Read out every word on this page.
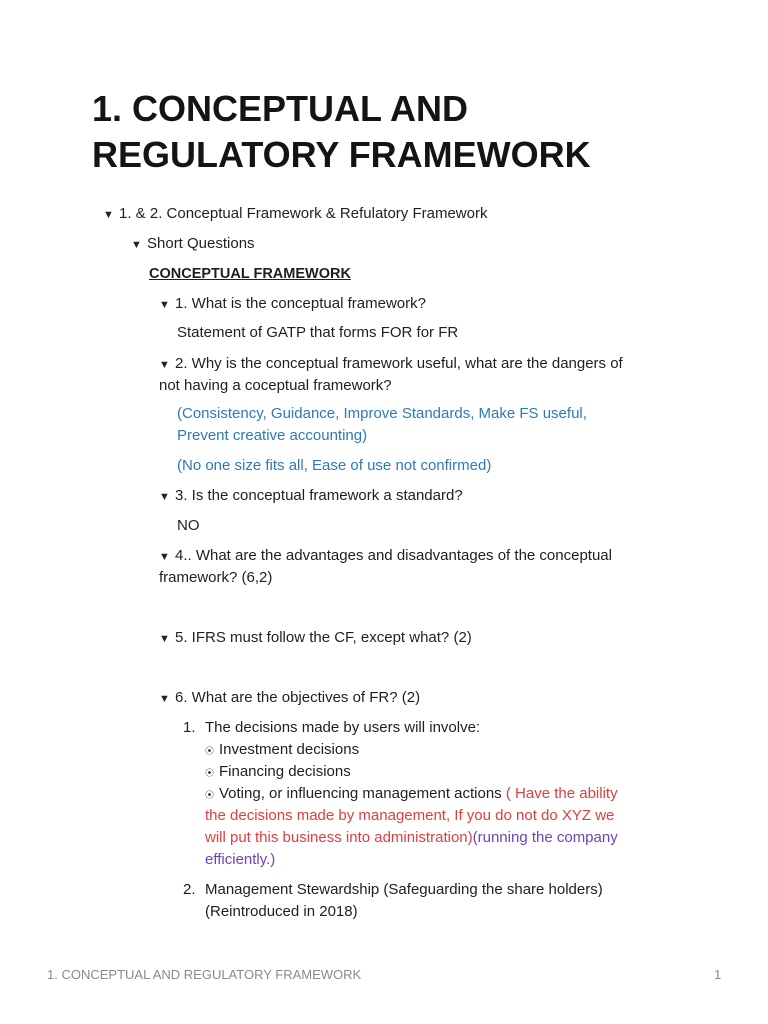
1. CONCEPTUAL AND
REGULATORY FRAMEWORK
▼ 1. & 2. Conceptual Framework & Refulatory Framework
▼ Short Questions
CONCEPTUAL FRAMEWORK
▼ 1. What is the conceptual framework?
Statement of GATP that forms FOR for FR
▼ 2. Why is the conceptual framework useful, what are the dangers of
not having a coceptual framework?
(Consistency, Guidance, Improve Standards, Make FS useful,
Prevent creative accounting)
(No one size fits all, Ease of use not confirmed)
▼ 3. Is the conceptual framework a standard?
NO
▼ 4.. What are the advantages and disadvantages of the conceptual
framework? (6,2)
▼ 5. IFRS must follow the CF, except what? (2)
▼ 6. What are the objectives of FR? (2)
1. The decisions made by users will involve:
⦿ Investment decisions
⦿ Financing decisions
⦿ Voting, or influencing management actions ( Have the ability
the decisions made by management, If you do not do XYZ we
will put this business into administration)(running the company
efficiently.)
2. Management Stewardship (Safeguarding the share holders)
(Reintroduced in 2018)
1. CONCEPTUAL AND REGULATORY FRAMEWORK	1
